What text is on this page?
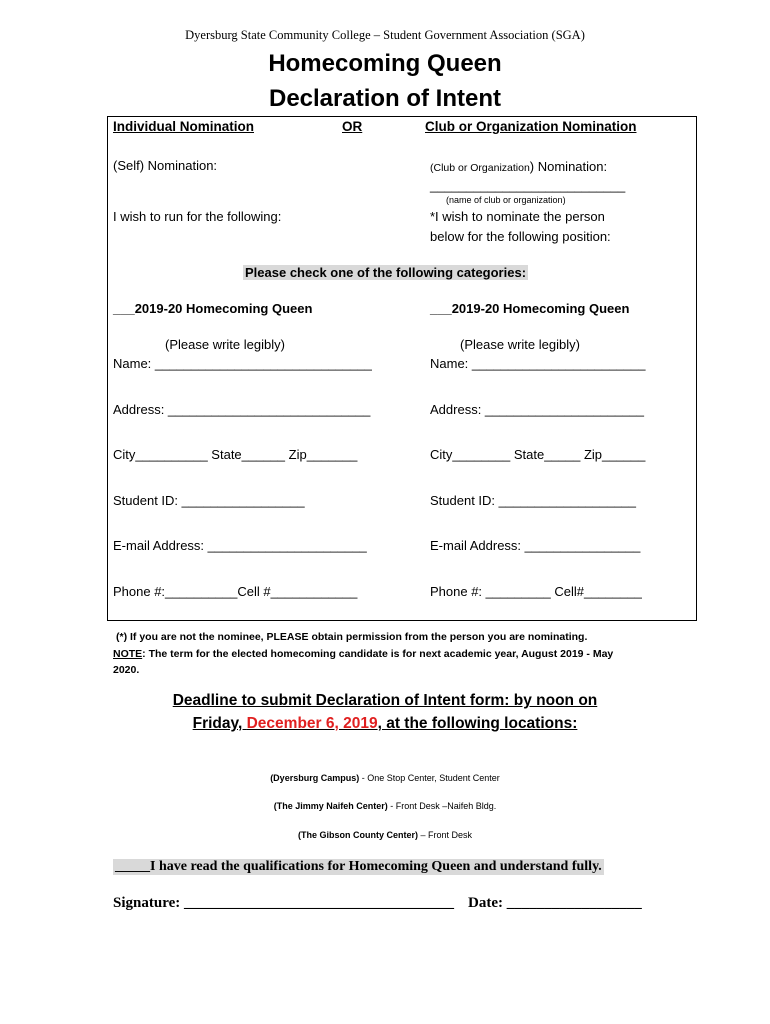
Dyersburg State Community College – Student Government Association (SGA)
Homecoming Queen
Declaration of Intent
Individual Nomination	OR	Club or Organization Nomination
(Self) Nomination:	(Club or Organization) Nomination:
___________________________
(name of club or organization)
I wish to run for the following:	*I wish to nominate the person
below for the following position:
Please check one of the following categories:
___2019-20 Homecoming Queen
(Please write legibly)
Name: ______________________________
Address: ____________________________
City__________ State______ Zip_______
Student ID: _________________
E-mail Address: ______________________
Phone #:__________Cell #____________
___2019-20 Homecoming Queen
(Please write legibly)
Name: ________________________
Address: ______________________
City________ State_____ Zip______
Student ID: ___________________
E-mail Address: ________________
Phone #: _________ Cell#________
(*) If you are not the nominee, PLEASE obtain permission from the person you are nominating.
NOTE: The term for the elected homecoming candidate is for next academic year, August 2019 - May
2020.
Deadline to submit Declaration of Intent form: by noon on
Friday, December 6, 2019, at the following locations:
(Dyersburg Campus) - One Stop Center, Student Center
(The Jimmy Naifeh Center) - Front Desk –Naifeh Bldg.
(The Gibson County Center) – Front Desk
_____I have read the qualifications for Homecoming Queen and understand fully.
Signature: ____________________________________ Date: __________________
